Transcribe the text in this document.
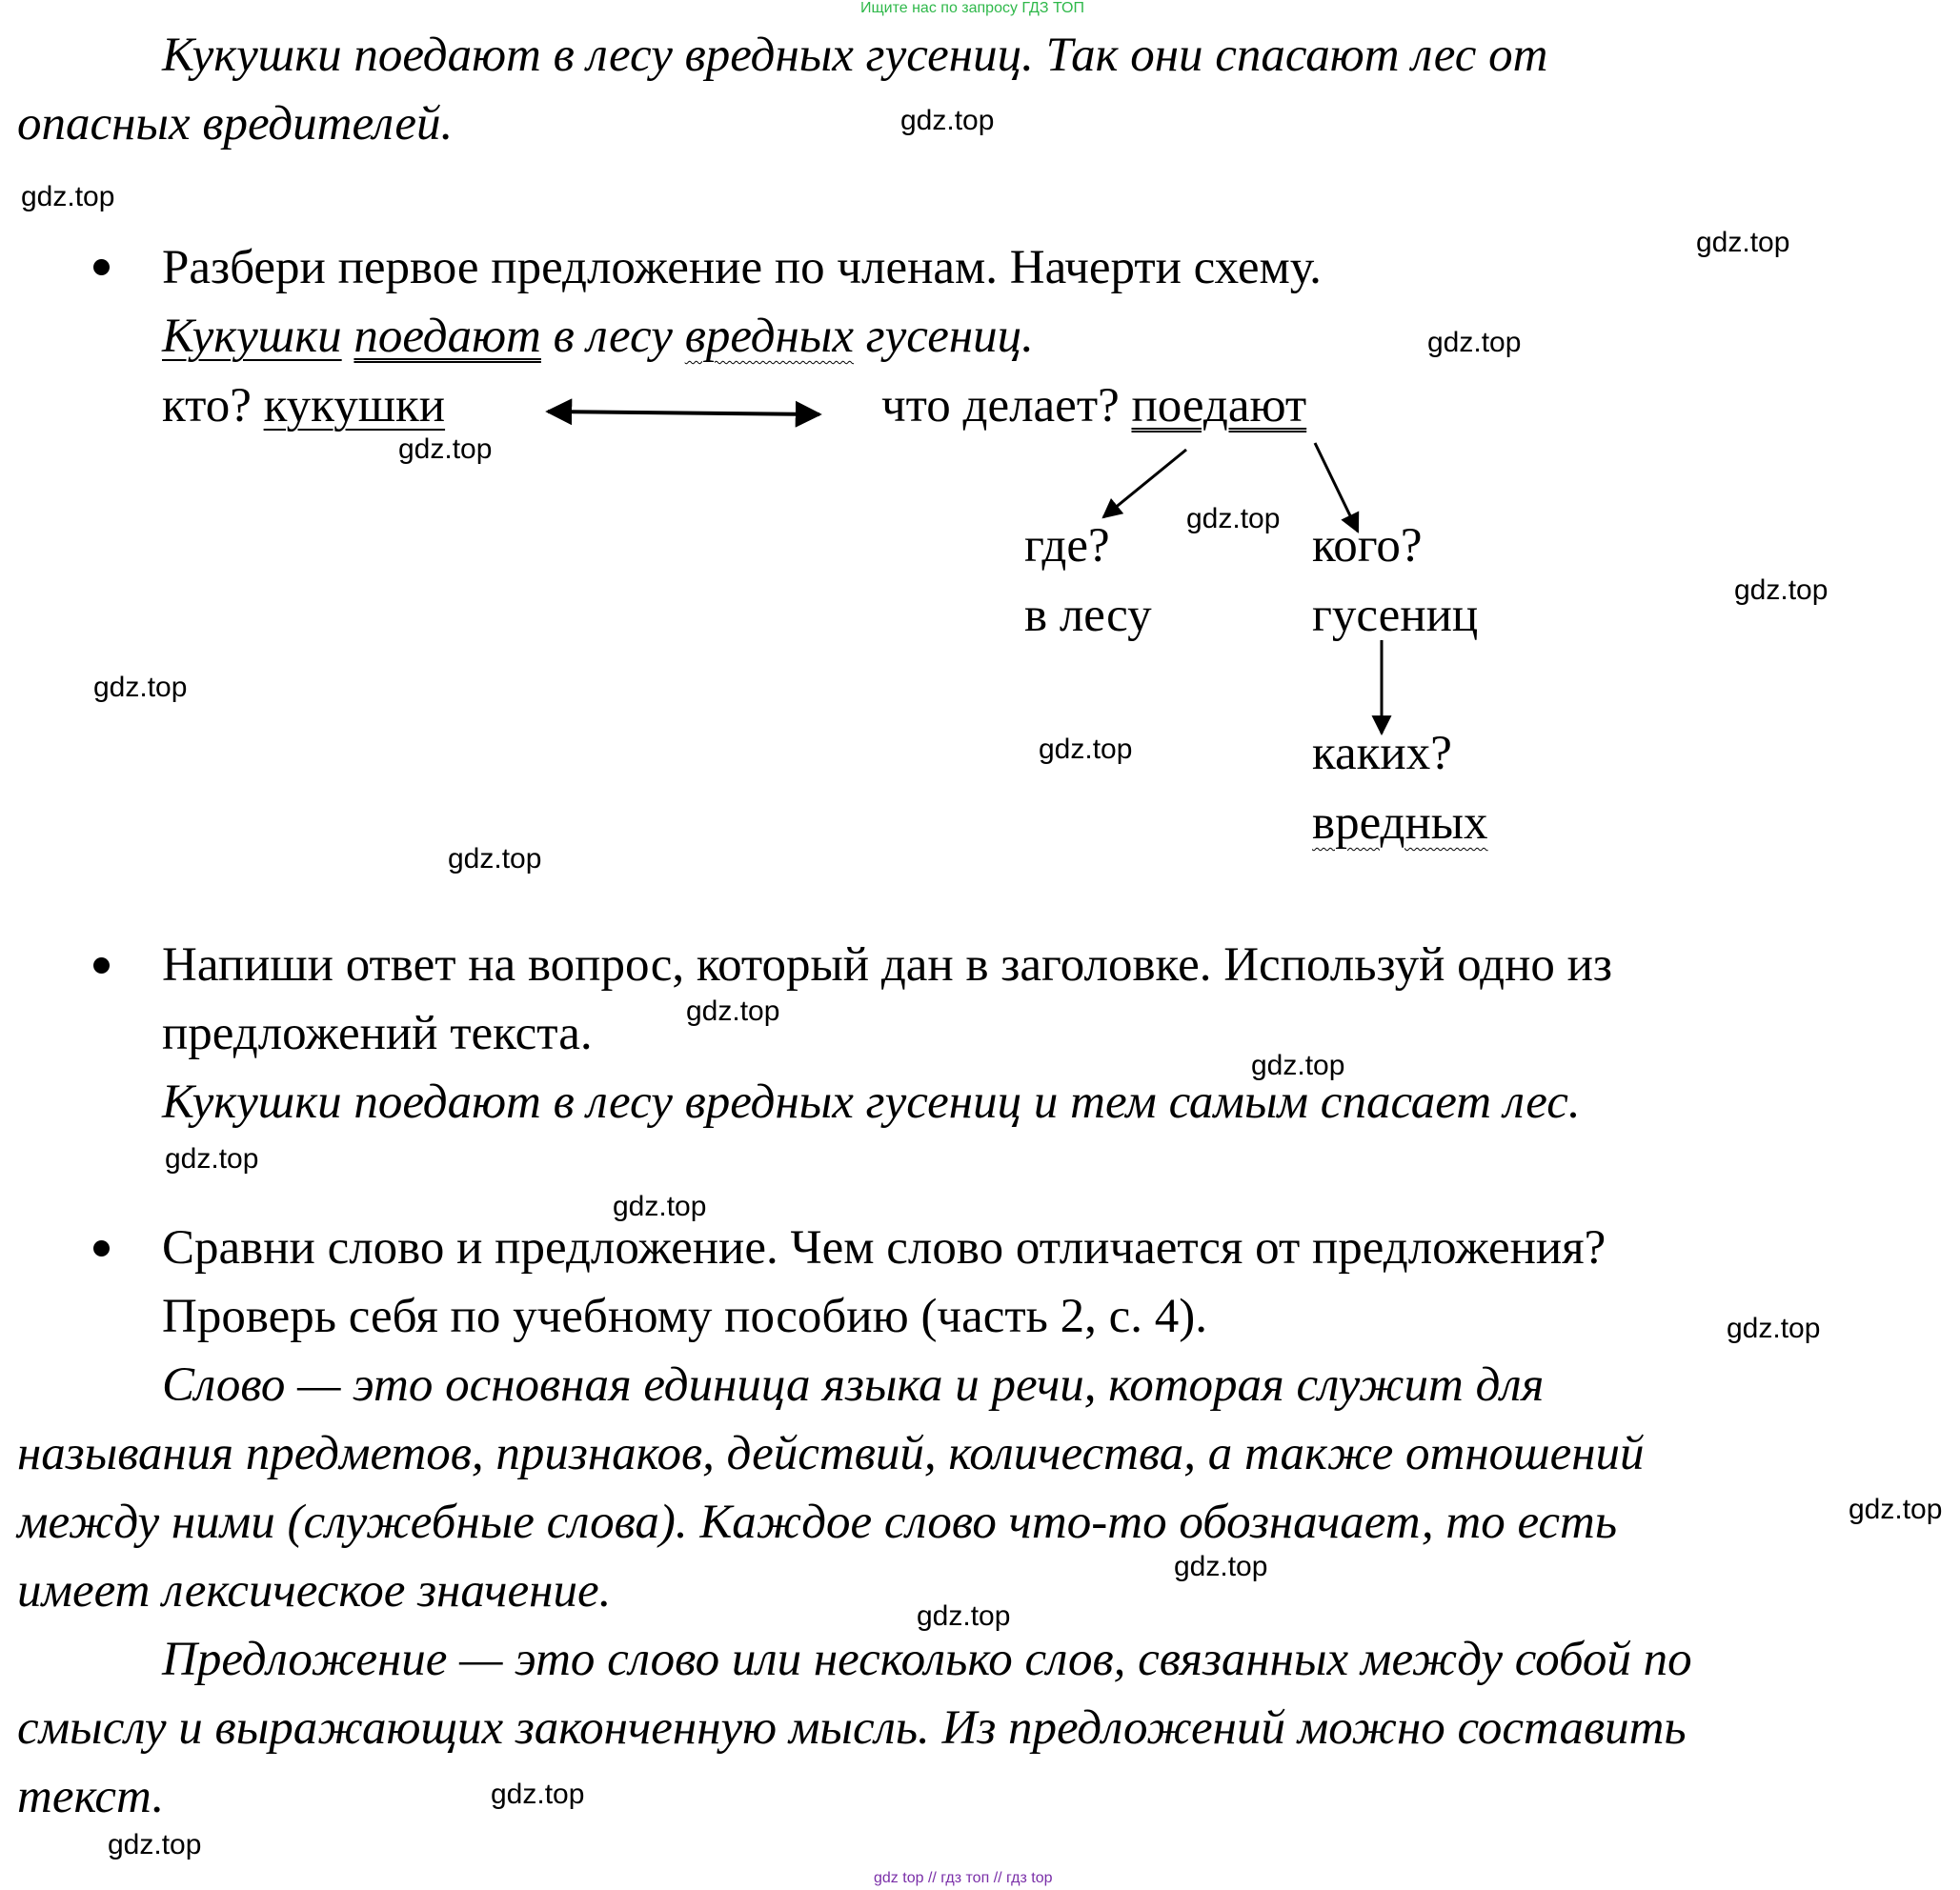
Ищите нас по запросу ГДЗ ТОП
Кукушки поедают в лесу вредных гусениц. Так они спасают лес от
опасных вредителей.
Разбери первое предложение по членам. Начерти схему.
Кукушки поедают в лесу вредных гусениц.
кто? кукушки	что делает? поедают
где?
в лесу
кого?
гусениц
каких?
вредных
Напиши ответ на вопрос, который дан в заголовке. Используй одно из
предложений текста.
Кукушки поедают в лесу вредных гусениц и тем самым спасает лес.
Сравни слово и предложение. Чем слово отличается от предложения?
Проверь себя по учебному пособию (часть 2, с. 4).
Слово — это основная единица языка и речи, которая служит для
называния предметов, признаков, действий, количества, а также отношений
между ними (служебные слова). Каждое слово что-то обозначает, то есть
имеет лексическое значение.
Предложение — это слово или несколько слов, связанных между собой по
смыслу и выражающих законченную мысль. Из предложений можно составить
текст.
gdz.top
gdz.top
gdz.top
gdz.top
gdz.top
gdz.top
gdz.top
gdz.top
gdz.top
gdz.top
gdz.top
gdz.top
gdz.top
gdz.top
gdz.top
gdz.top
gdz.top
gdz.top
gdz.top
gdz.top
gdz top // гдз топ // гдз top
